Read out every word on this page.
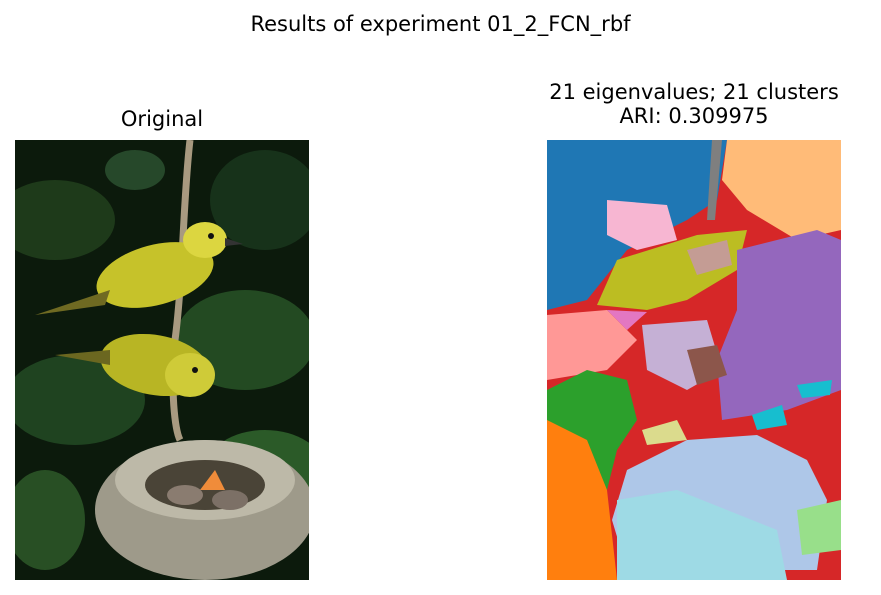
Results of experiment 01_2_FCN_rbf
Original
21 eigenvalues; 21 clusters
ARI: 0.309975
